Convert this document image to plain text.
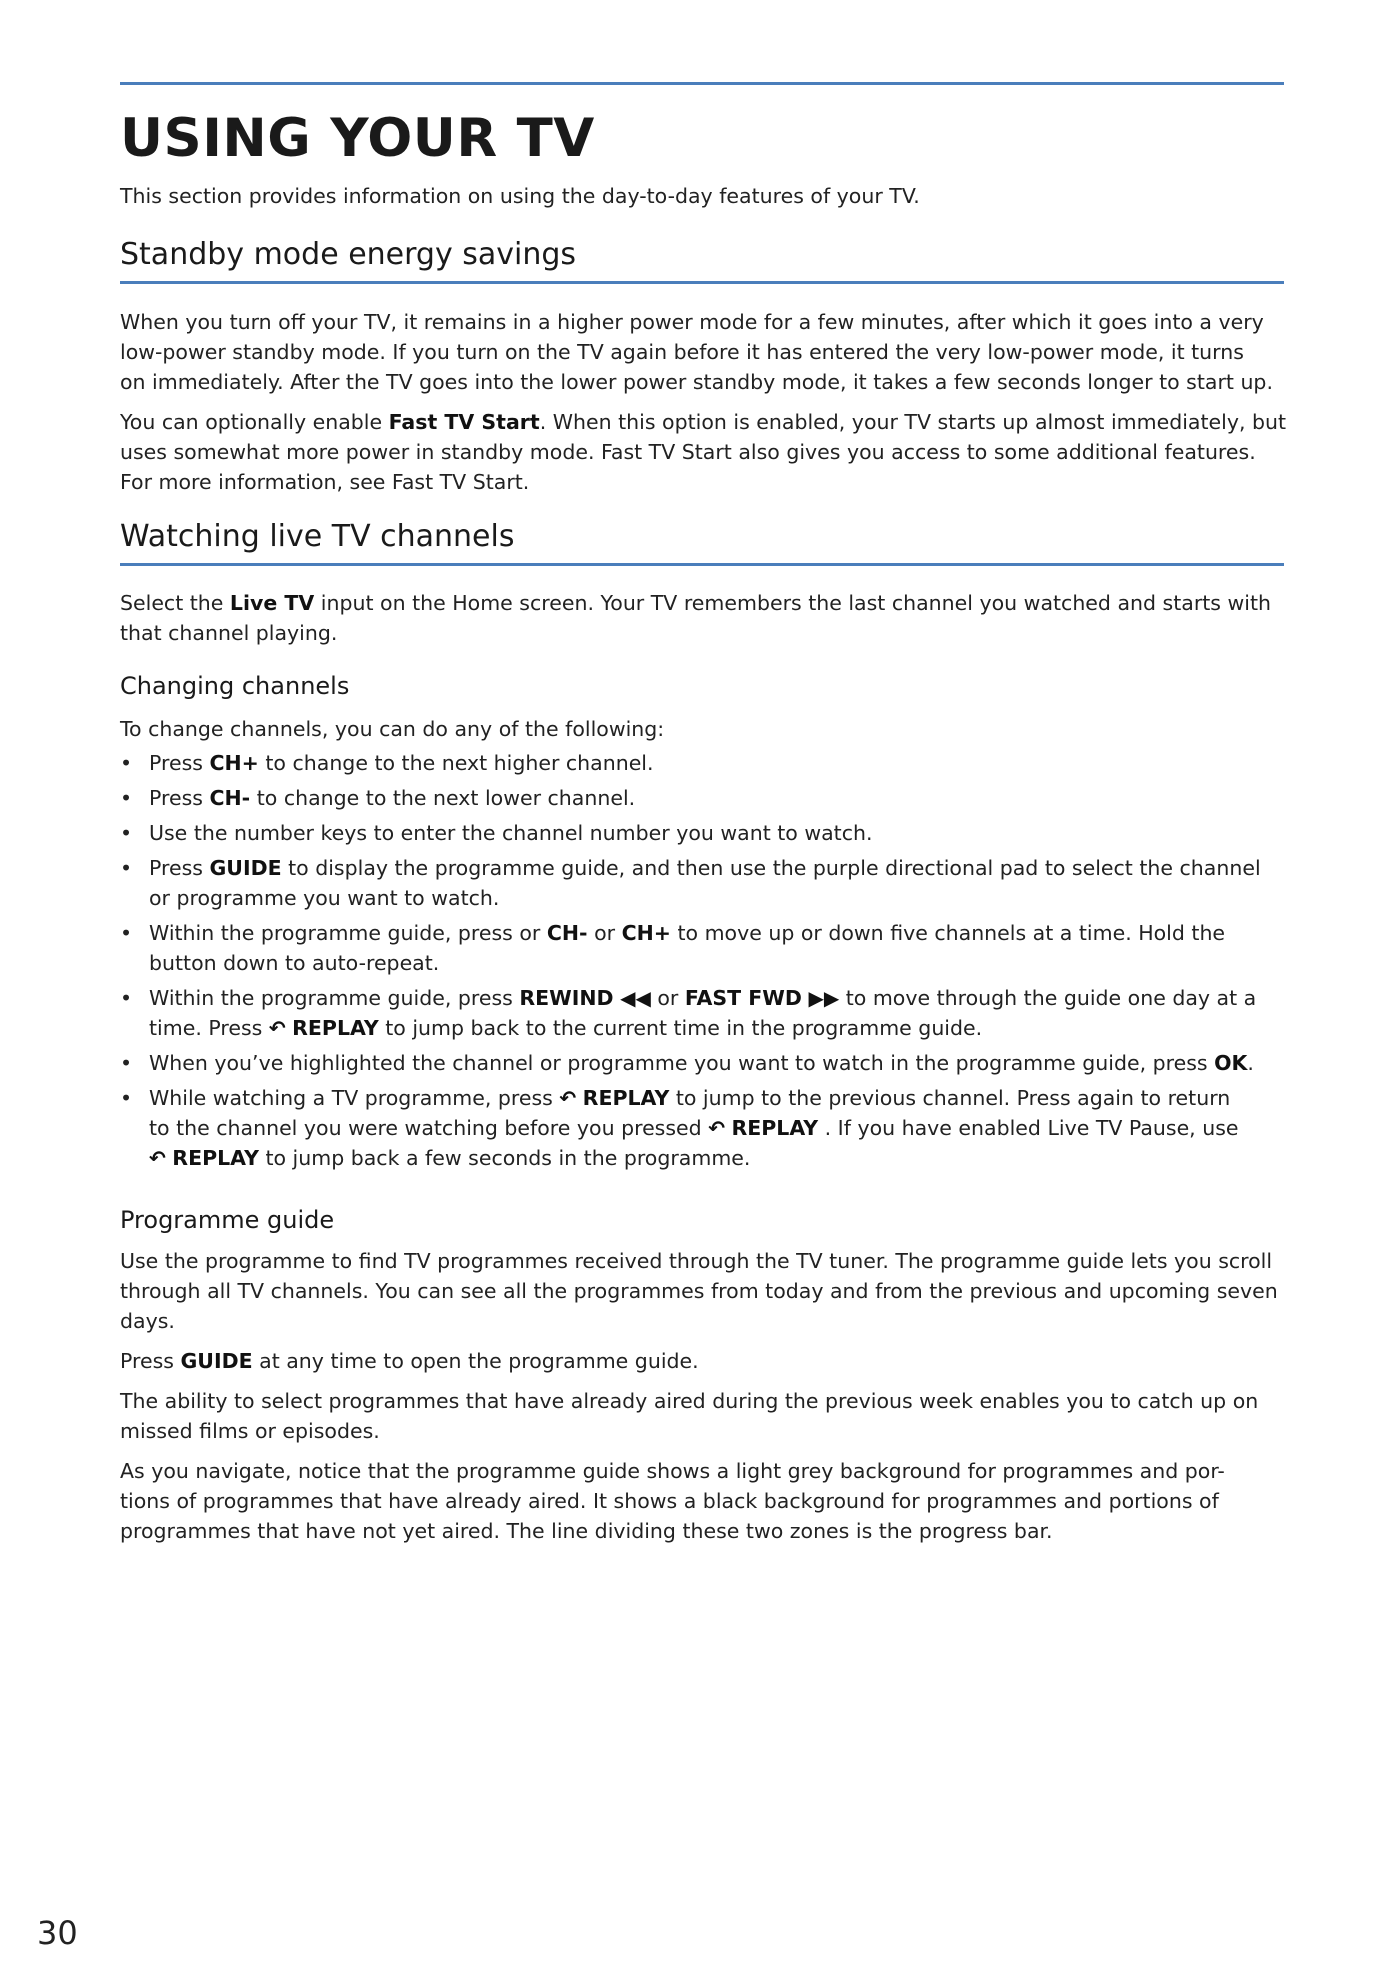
USING YOUR TV

This section provides information on using the day-to-day features of your TV.

Standby mode energy savings

When you turn off your TV, it remains in a higher power mode for a few minutes, after which it goes into a very
low-power standby mode. If you turn on the TV again before it has entered the very low-power mode, it turns
on immediately. After the TV goes into the lower power standby mode, it takes a few seconds longer to start up.

You can optionally enable Fast TV Start. When this option is enabled, your TV starts up almost immediately, but
uses somewhat more power in standby mode. Fast TV Start also gives you access to some additional features.
For more information, see Fast TV Start.

Watching live TV channels

Select the Live TV input on the Home screen. Your TV remembers the last channel you watched and starts with
that channel playing.

Changing channels
To change channels, you can do any of the following:
• Press CH+ to change to the next higher channel.
• Press CH- to change to the next lower channel.
• Use the number keys to enter the channel number you want to watch.
• Press GUIDE to display the programme guide, and then use the purple directional pad to select the channel
or programme you want to watch.
• Within the programme guide, press or CH- or CH+ to move up or down five channels at a time. Hold the
button down to auto-repeat.
• Within the programme guide, press REWIND ◀◀ or FAST FWD ▶▶ to move through the guide one day at a
time. Press ↶ REPLAY to jump back to the current time in the programme guide.
• When you’ve highlighted the channel or programme you want to watch in the programme guide, press OK.
• While watching a TV programme, press ↶ REPLAY to jump to the previous channel. Press again to return
to the channel you were watching before you pressed ↶ REPLAY . If you have enabled Live TV Pause, use
↶ REPLAY to jump back a few seconds in the programme.
Programme guide

Use the programme to find TV programmes received through the TV tuner. The programme guide lets you scroll
through all TV channels. You can see all the programmes from today and from the previous and upcoming seven
days.

Press GUIDE at any time to open the programme guide.

The ability to select programmes that have already aired during the previous week enables you to catch up on
missed films or episodes.

As you navigate, notice that the programme guide shows a light grey background for programmes and por-
tions of programmes that have already aired. It shows a black background for programmes and portions of
programmes that have not yet aired. The line dividing these two zones is the progress bar.

30
